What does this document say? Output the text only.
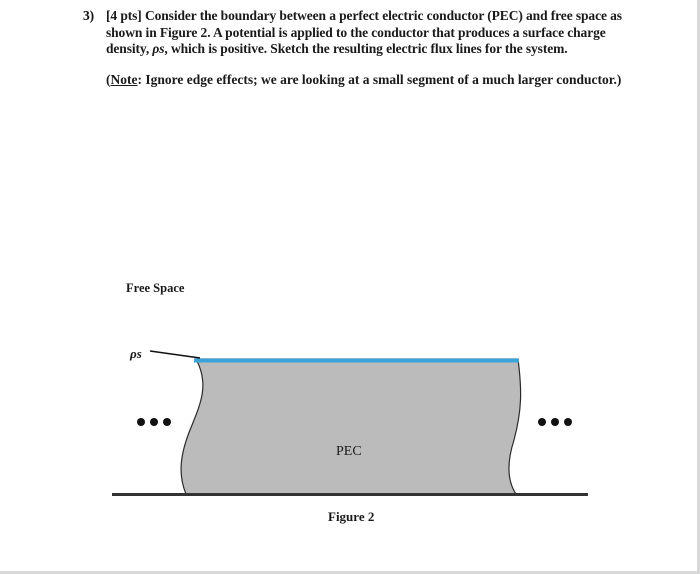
3) [4 pts] Consider the boundary between a perfect electric conductor (PEC) and free space as
shown in Figure 2. A potential is applied to the conductor that produces a surface charge
density, ρs, which is positive. Sketch the resulting electric flux lines for the system.
(Note: Ignore edge effects; we are looking at a small segment of a much larger conductor.)
Free Space
ρs
PEC
Figure 2
